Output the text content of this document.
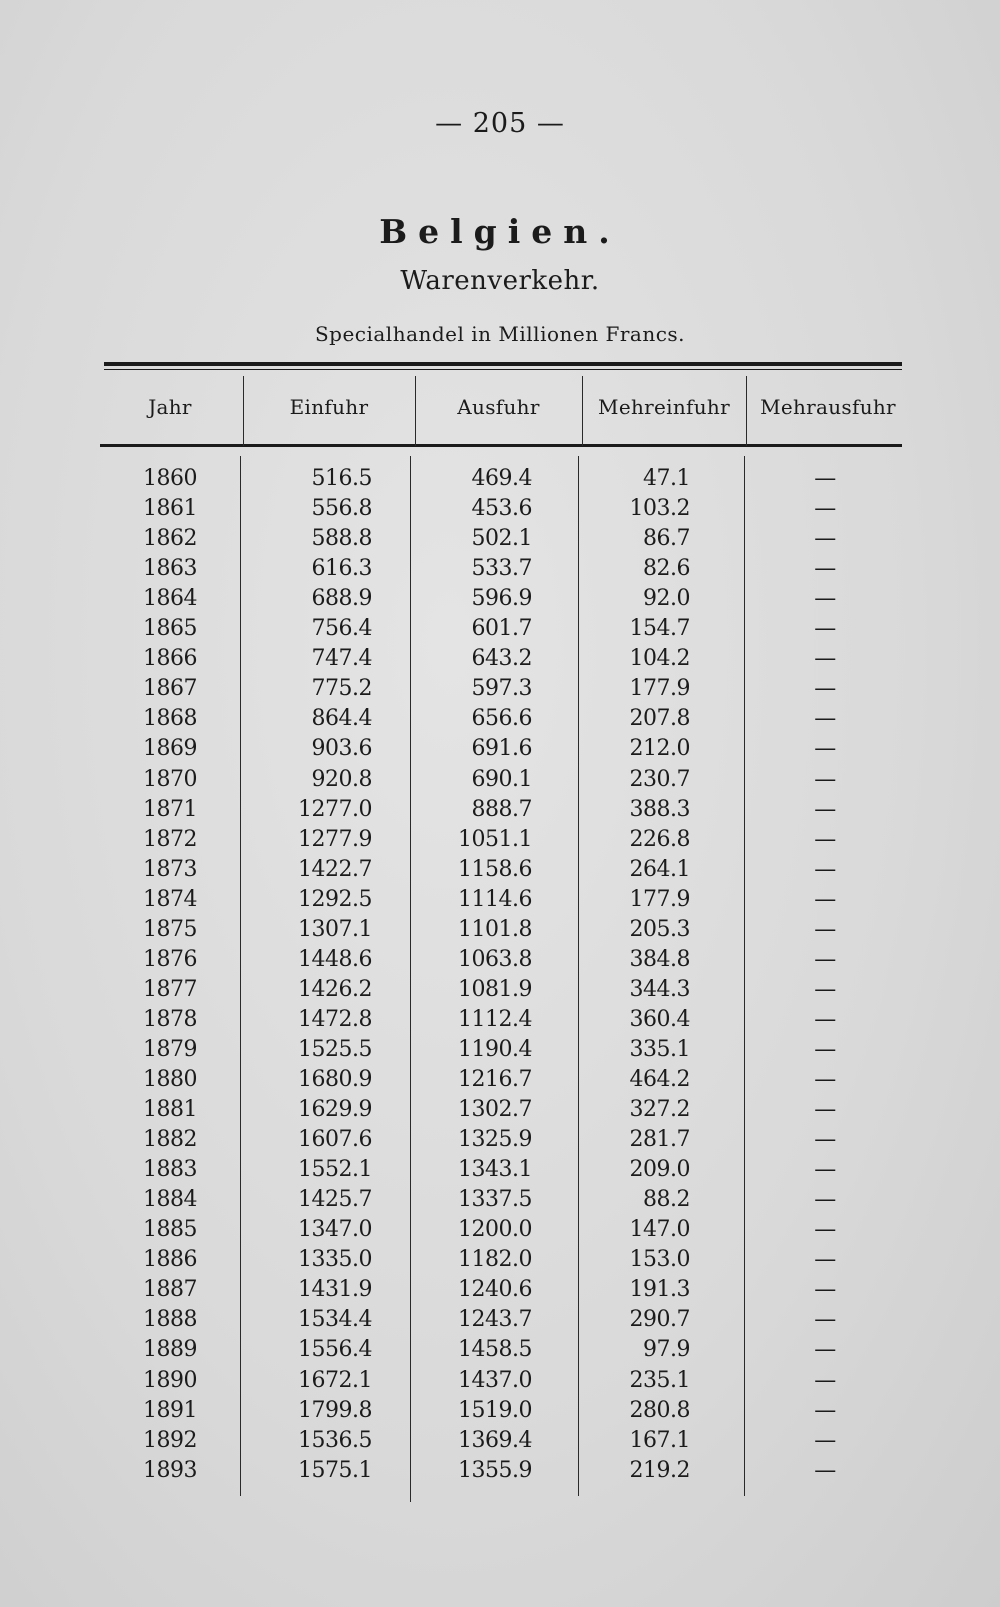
— 205 —
Belgien.
Warenverkehr.
Specialhandel in Millionen Francs.
Jahr	Einfuhr	Ausfuhr	Mehreinfuhr	Mehrausfuhr
1860	516.5	469.4	47.1	—
1861	556.8	453.6	103.2	—
1862	588.8	502.1	86.7	—
1863	616.3	533.7	82.6	—
1864	688.9	596.9	92.0	—
1865	756.4	601.7	154.7	—
1866	747.4	643.2	104.2	—
1867	775.2	597.3	177.9	—
1868	864.4	656.6	207.8	—
1869	903.6	691.6	212.0	—
1870	920.8	690.1	230.7	—
1871	1277.0	888.7	388.3	—
1872	1277.9	1051.1	226.8	—
1873	1422.7	1158.6	264.1	—
1874	1292.5	1114.6	177.9	—
1875	1307.1	1101.8	205.3	—
1876	1448.6	1063.8	384.8	—
1877	1426.2	1081.9	344.3	—
1878	1472.8	1112.4	360.4	—
1879	1525.5	1190.4	335.1	—
1880	1680.9	1216.7	464.2	—
1881	1629.9	1302.7	327.2	—
1882	1607.6	1325.9	281.7	—
1883	1552.1	1343.1	209.0	—
1884	1425.7	1337.5	88.2	—
1885	1347.0	1200.0	147.0	—
1886	1335.0	1182.0	153.0	—
1887	1431.9	1240.6	191.3	—
1888	1534.4	1243.7	290.7	—
1889	1556.4	1458.5	97.9	—
1890	1672.1	1437.0	235.1	—
1891	1799.8	1519.0	280.8	—
1892	1536.5	1369.4	167.1	—
1893	1575.1	1355.9	219.2	—
